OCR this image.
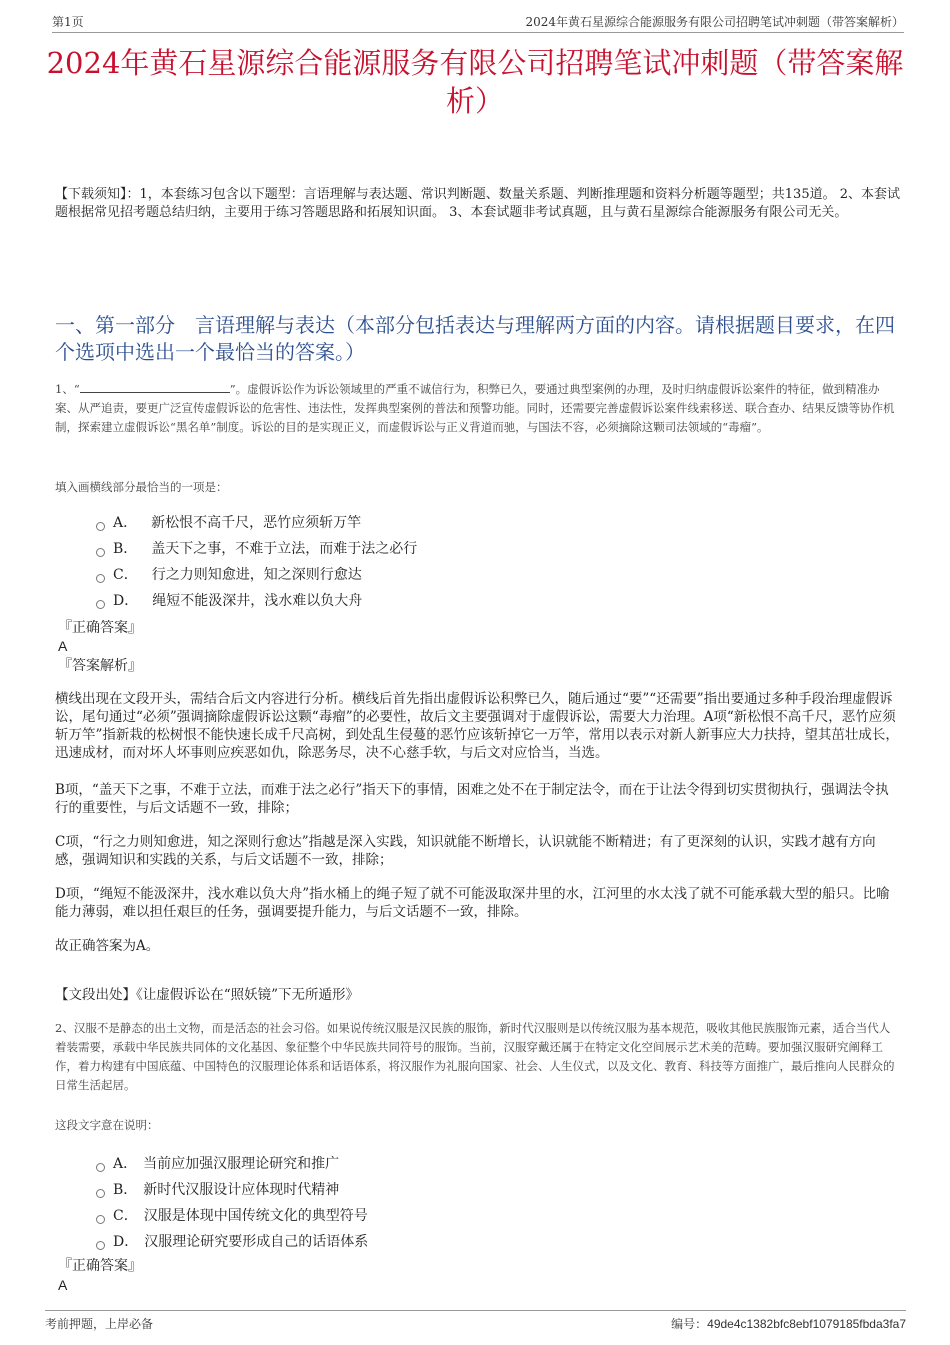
第1页	2024年黄石星源综合能源服务有限公司招聘笔试冲刺题（带答案解析）
2024年黄石星源综合能源服务有限公司招聘笔试冲刺题（带答案解析）
【下载须知】：1，本套练习包含以下题型：言语理解与表达题、常识判断题、数量关系题、判断推理题和资料分析题等题型；共135道。 2、本套试题根据常见招考题总结归纳，主要用于练习答题思路和拓展知识面。 3、本套试题非考试真题，且与黄石星源综合能源服务有限公司无关。
一、第一部分　言语理解与表达（本部分包括表达与理解两方面的内容。请根据题目要求，在四个选项中选出一个最恰当的答案。）
1、“	”。虚假诉讼作为诉讼领域里的严重不诚信行为，积弊已久，要通过典型案例的办理，及时归纳虚假诉讼案件的特征，做到精准办案、从严追责，要更广泛宣传虚假诉讼的危害性、违法性，发挥典型案例的普法和预警功能。同时，还需要完善虚假诉讼案件线索移送、联合查办、结果反馈等协作机制，探索建立虚假诉讼“黑名单”制度。诉讼的目的是实现正义，而虚假诉讼与正义背道而驰，与国法不容，必须摘除这颗司法领域的“毒瘤”。
填入画横线部分最恰当的一项是：
A． 新松恨不高千尺，恶竹应须斩万竿
B． 盖天下之事，不难于立法，而难于法之必行
C． 行之力则知愈进，知之深则行愈达
D． 绳短不能汲深井，浅水难以负大舟
『正确答案』
A
『答案解析』

横线出现在文段开头，需结合后文内容进行分析。横线后首先指出虚假诉讼积弊已久，随后通过“要”“还需要”指出要通过多种手段治理虚假诉讼，尾句通过“必须”强调摘除虚假诉讼这颗“毒瘤”的必要性，故后文主要强调对于虚假诉讼，需要大力治理。A项“新松恨不高千尺，恶竹应须斩万竿”指新栽的松树恨不能快速长成千尺高树，到处乱生侵蔓的恶竹应该斩掉它一万竿，常用以表示对新人新事应大力扶持，望其茁壮成长，迅速成材，而对坏人坏事则应疾恶如仇，除恶务尽，决不心慈手软，与后文对应恰当，当选。

B项，“盖天下之事，不难于立法，而难于法之必行”指天下的事情，困难之处不在于制定法令，而在于让法令得到切实贯彻执行，强调法令执行的重要性，与后文话题不一致，排除；

C项，“行之力则知愈进，知之深则行愈达”指越是深入实践，知识就能不断增长，认识就能不断精进；有了更深刻的认识，实践才越有方向感，强调知识和实践的关系，与后文话题不一致，排除；

D项，“绳短不能汲深井，浅水难以负大舟”指水桶上的绳子短了就不可能汲取深井里的水，江河里的水太浅了就不可能承载大型的船只。比喻能力薄弱，难以担任艰巨的任务，强调要提升能力，与后文话题不一致，排除。

故正确答案为A。

【文段出处】《让虚假诉讼在“照妖镜”下无所遁形》
2、汉服不是静态的出土文物，而是活态的社会习俗。如果说传统汉服是汉民族的服饰，新时代汉服则是以传统汉服为基本规范，吸收其他民族服饰元素，适合当代人着装需要，承载中华民族共同体的文化基因、象征整个中华民族共同符号的服饰。当前，汉服穿戴还属于在特定文化空间展示艺术美的范畴。要加强汉服研究阐释工作，着力构建有中国底蕴、中国特色的汉服理论体系和话语体系，将汉服作为礼服向国家、社会、人生仪式，以及文化、教育、科技等方面推广，最后推向人民群众的日常生活起居。
这段文字意在说明：
A． 当前应加强汉服理论研究和推广
B． 新时代汉服设计应体现时代精神
C． 汉服是体现中国传统文化的典型符号
D． 汉服理论研究要形成自己的话语体系
『正确答案』
A
考前押题，上岸必备	编号：49de4c1382bfc8ebf1079185fbda3fa7
